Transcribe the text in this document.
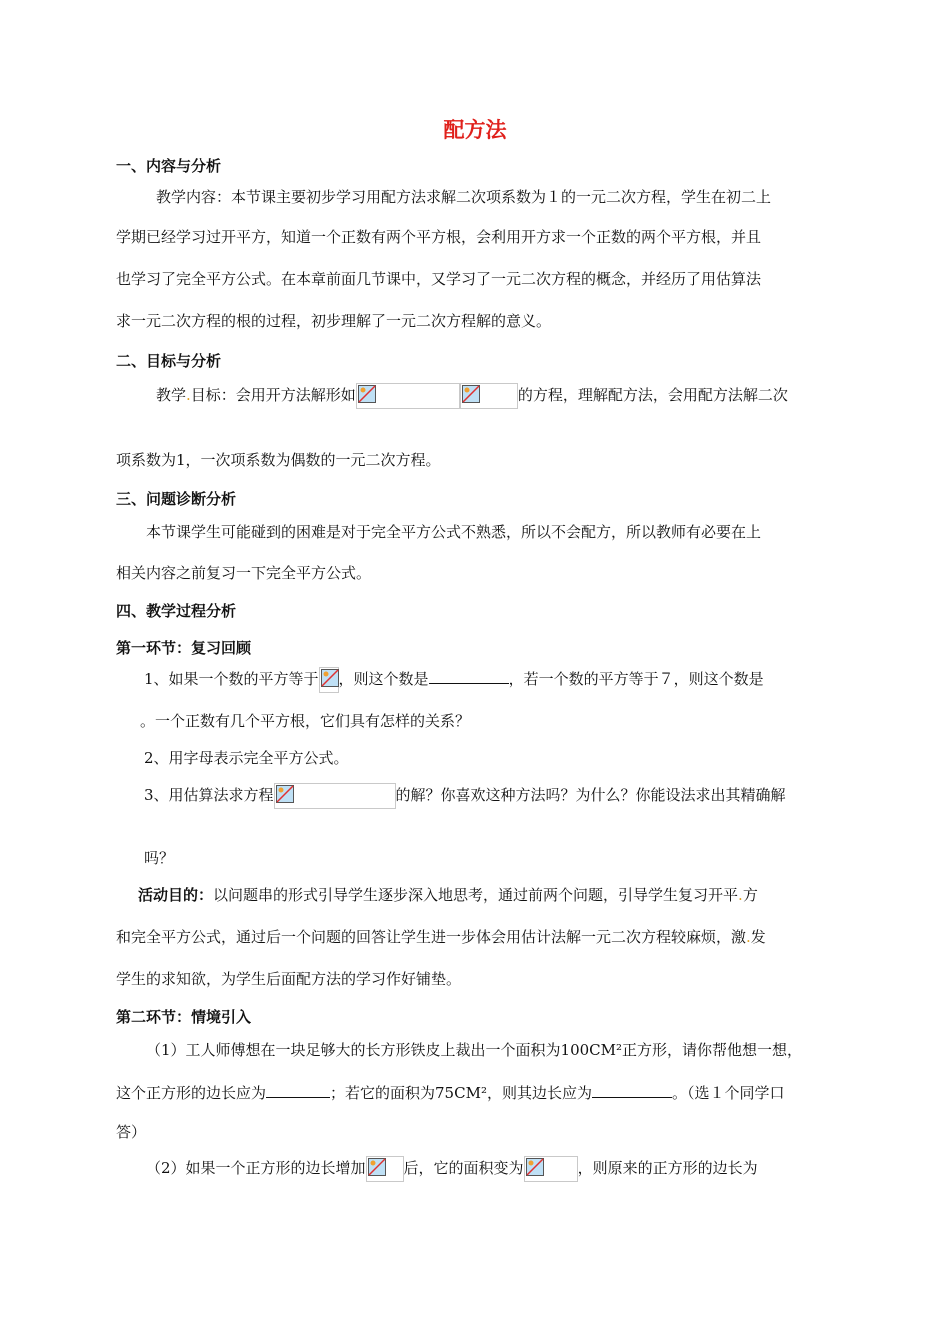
配方法
一、内容与分析
教学内容：本节课主要初步学习用配方法求解二次项系数为１的一元二次方程，学生在初二上
学期已经学习过开平方，知道一个正数有两个平方根，会利用开方求一个正数的两个平方根，并且
也学习了完全平方公式。在本章前面几节课中，又学习了一元二次方程的概念，并经历了用估算法
求一元二次方程的根的过程，初步理解了一元二次方程解的意义。
二、目标与分析
教学.目标：会用开方法解形如	的方程，理解配方法，会用配方法解二次
项系数为1，一次项系数为偶数的一元二次方程。
三、问题诊断分析
本节课学生可能碰到的困难是对于完全平方公式不熟悉，所以不会配方，所以教师有必要在上
相关内容之前复习一下完全平方公式。
四、教学过程分析
第一环节：复习回顾
1、如果一个数的平方等于 ，则这个数是	，若一个数的平方等于７，则这个数是
。一个正数有几个平方根，它们具有怎样的关系？
2、用字母表示完全平方公式。
3、用估算法求方程	的解？你喜欢这种方法吗？为什么？你能设法求出其精确解
吗？
活动目的：以问题串的形式引导学生逐步深入地思考，通过前两个问题，引导学生复习开平.方
和完全平方公式，通过后一个问题的回答让学生进一步体会用估计法解一元二次方程较麻烦，激.发
学生的求知欲，为学生后面配方法的学习作好铺垫。
第二环节：情境引入
（1）工人师傅想在一块足够大的长方形铁皮上裁出一个面积为100CM²正方形，请你帮他想一想，
这个正方形的边长应为	；若它的面积为75CM²，则其边长应为	。（选１个同学口
答）
（2）如果一个正方形的边长增加	后，它的面积变为	，则原来的正方形的边长为
